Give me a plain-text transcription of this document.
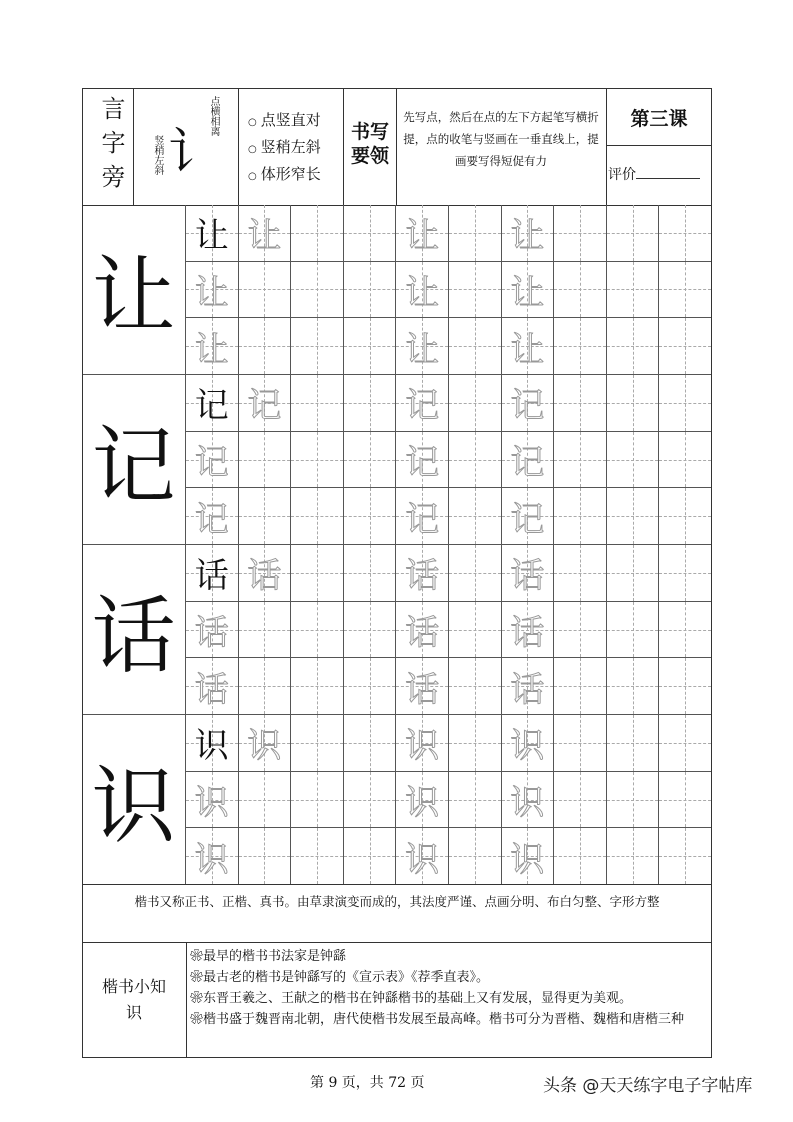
言字旁 讠
点横相离
竖稍左斜
○ 点竖直对
○ 竖稍左斜
○ 体形窄长
书写要领
先写点，然后在点的左下方起笔写横折提，点的收笔与竖画在一垂直线上，提画要写得短促有力
第三课
评价
让
让 让	让 让
让	让 让
让	让 让
记
记 记	记 记
记	记 记
记	记 记
话
话 话	话 话
话	话 话
话	话 话
识
识 识	识 识
识	识 识
识	识 识
楷书又称正书、正楷、真书。由草隶演变而成的，其法度严谨、点画分明、布白匀整、字形方整
楷书小知识
❀最早的楷书书法家是钟繇
❀最古老的楷书是钟繇写的《宣示表》《荐季直表》。
❀东晋王羲之、王献之的楷书在钟繇楷书的基础上又有发展，显得更为美观。
❀楷书盛于魏晋南北朝，唐代使楷书发展至最高峰。楷书可分为晋楷、魏楷和唐楷三种
第 9 页，共 72 页	头条 @天天练字电子字帖库
